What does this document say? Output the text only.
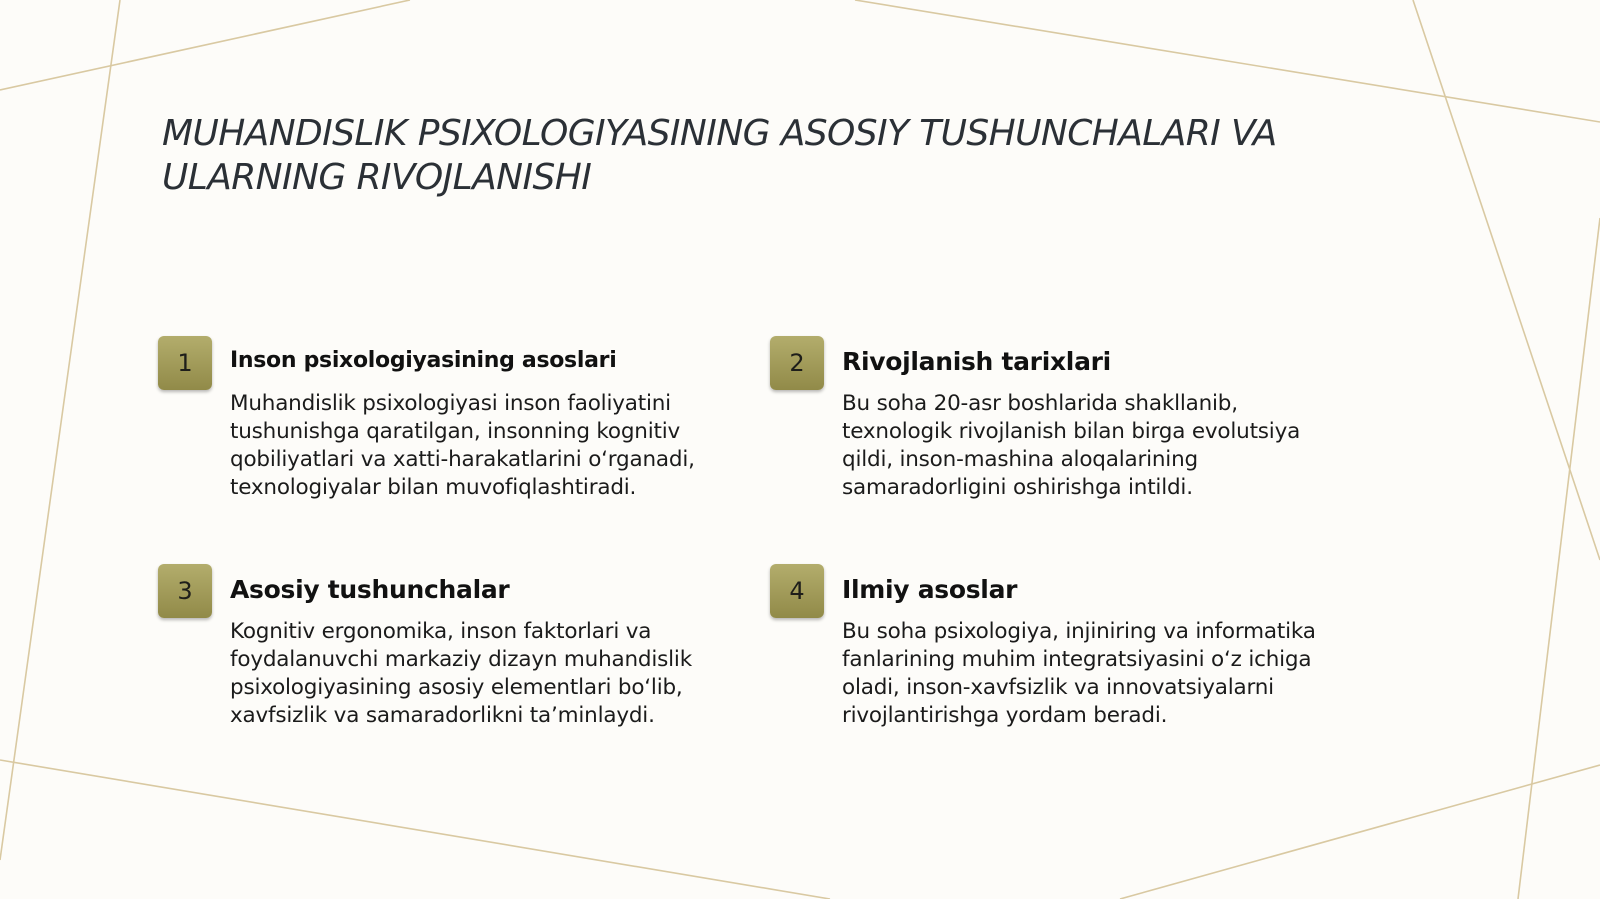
MUHANDISLIK PSIXOLOGIYASINING ASOSIY TUSHUNCHALARI VA
ULARNING RIVOJLANISHI
1	Inson psixologiyasining asoslari

Muhandislik psixologiyasi inson faoliyatini
tushunishga qaratilgan, insonning kognitiv
qobiliyatlari va xatti-harakatlarini o‘rganadi,
texnologiyalar bilan muvofiqlashtiradi.

2	Rivojlanish tarixlari

Bu soha 20-asr boshlarida shakllanib,
texnologik rivojlanish bilan birga evolutsiya
qildi, inson-mashina aloqalarining
samaradorligini oshirishga intildi.

3	Asosiy tushunchalar

Kognitiv ergonomika, inson faktorlari va
foydalanuvchi markaziy dizayn muhandislik
psixologiyasining asosiy elementlari bo‘lib,
xavfsizlik va samaradorlikni ta’minlaydi.

4	Ilmiy asoslar

Bu soha psixologiya, injiniring va informatika
fanlarining muhim integratsiyasini o‘z ichiga
oladi, inson-xavfsizlik va innovatsiyalarni
rivojlantirishga yordam beradi.
